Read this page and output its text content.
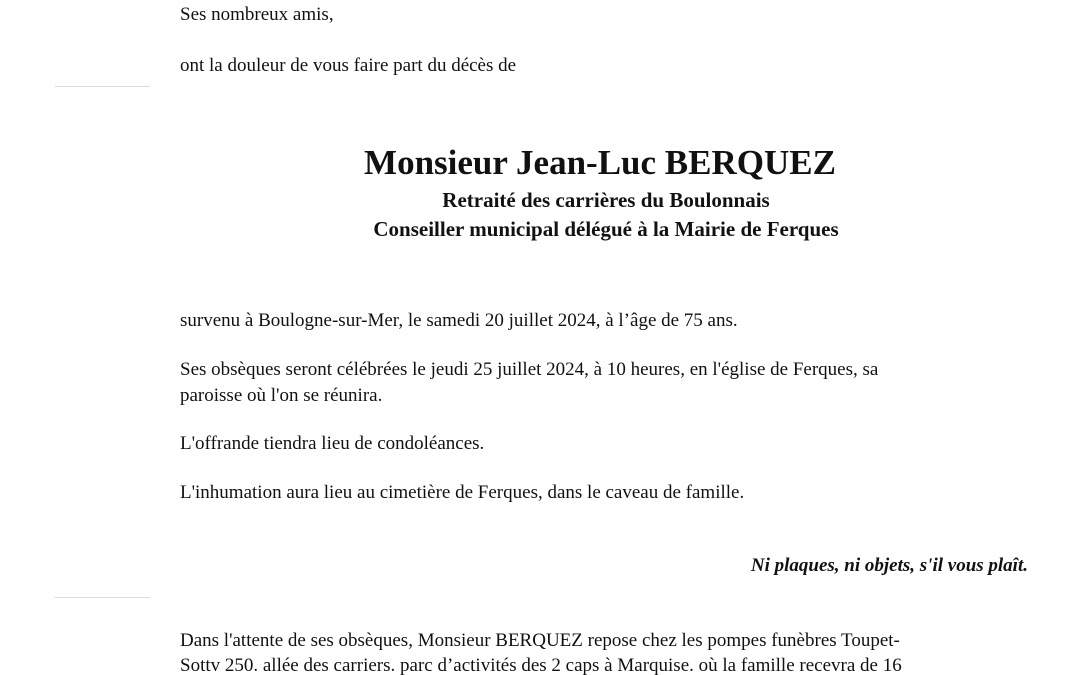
Ses nombreux amis,
ont la douleur de vous faire part du décès de
Monsieur Jean-Luc BERQUEZ
Retraité des carrières du Boulonnais
Conseiller municipal délégué à la Mairie de Ferques
survenu à Boulogne-sur-Mer, le samedi 20 juillet 2024, à l’âge de 75 ans.
Ses obsèques seront célébrées le jeudi 25 juillet 2024, à 10 heures, en l'église de Ferques, sa
paroisse où l'on se réunira.
L'offrande tiendra lieu de condoléances.
L'inhumation aura lieu au cimetière de Ferques, dans le caveau de famille.
Ni plaques, ni objets, s'il vous plaît.
Dans l'attente de ses obsèques, Monsieur BERQUEZ repose chez les pompes funèbres Toupet-
Sottv 250. allée des carriers. parc d’activités des 2 caps à Marquise. où la famille recevra de 16
